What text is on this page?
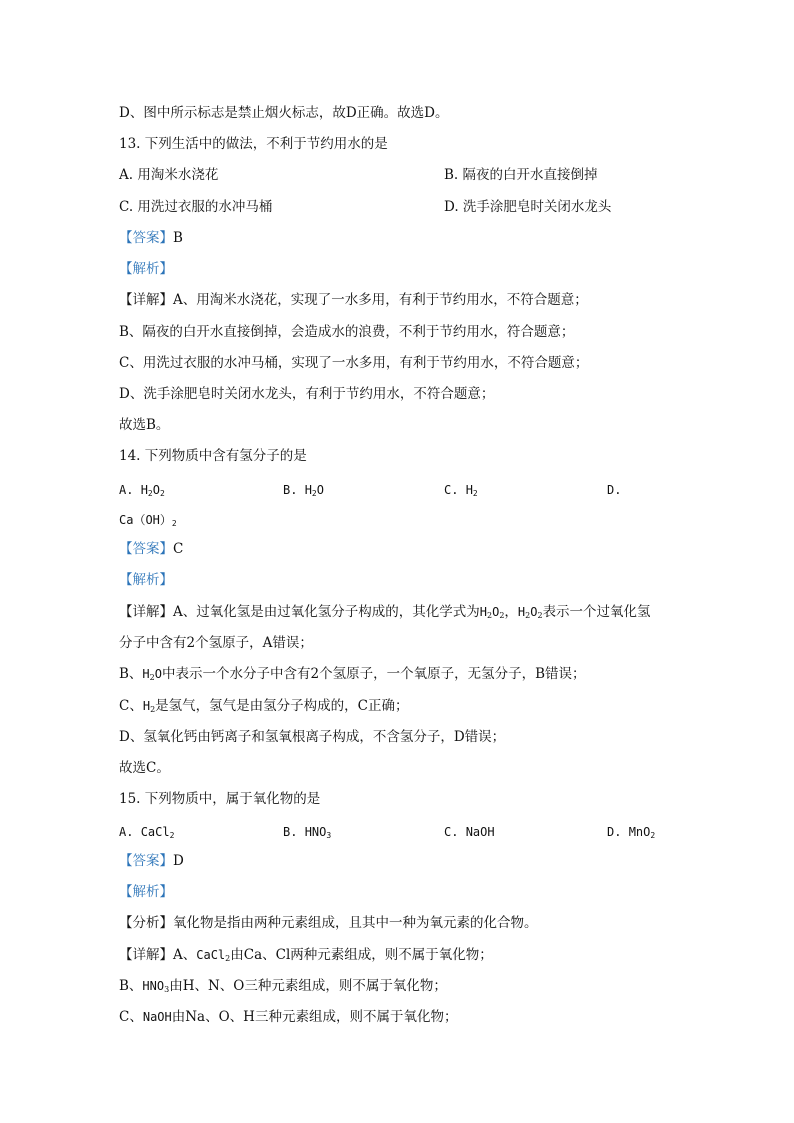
D、图中所示标志是禁止烟火标志，故D正确。故选D。
13. 下列生活中的做法，不利于节约用水的是
A. 用淘米水浇花	B. 隔夜的白开水直接倒掉
C. 用洗过衣服的水冲马桶	D. 洗手涂肥皂时关闭水龙头
【答案】B
【解析】
【详解】A、用淘米水浇花，实现了一水多用，有利于节约用水，不符合题意；
B、隔夜的白开水直接倒掉，会造成水的浪费，不利于节约用水，符合题意；
C、用洗过衣服的水冲马桶，实现了一水多用，有利于节约用水，不符合题意；
D、洗手涂肥皂时关闭水龙头，有利于节约用水，不符合题意；
故选B。
14. 下列物质中含有氢分子的是
A. $H_2O_2$	B. $H_2O$	C. $H_2$	D.
$Ca(OH)_2$
【答案】C
【解析】
【详解】A、过氧化氢是由过氧化氢分子构成的，其化学式为$H_2O_2$，$H_2O_2$表示一个过氧化氢
分子中含有2个氢原子，A错误；
B、$H_2O$中表示一个水分子中含有2个氢原子，一个氧原子，无氢分子，B错误；
C、$H_2$是氢气，氢气是由氢分子构成的，C正确；
D、氢氧化钙由钙离子和氢氧根离子构成，不含氢分子，D错误；
故选C。
15. 下列物质中，属于氧化物的是
A. CaCl$_2$	B. $HNO_3$	C. NaOH	D. MnO$_2$
【答案】D
【解析】
【分析】氧化物是指由两种元素组成，且其中一种为氧元素的化合物。
【详解】A、CaCl$_2$由Ca、Cl两种元素组成，则不属于氧化物；
B、$HNO_3$由H、N、O三种元素组成，则不属于氧化物；
C、NaOH由Na、O、H三种元素组成，则不属于氧化物；
